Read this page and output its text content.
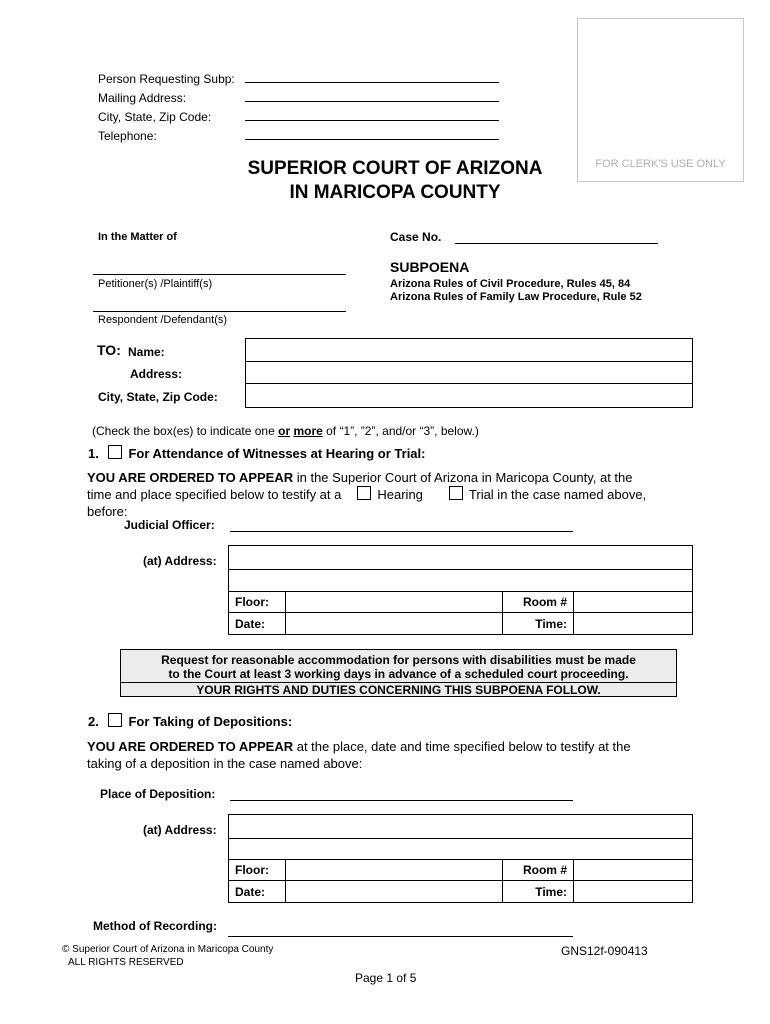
Person Requesting Subp:
Mailing Address:
City, State, Zip Code:
Telephone:
FOR CLERK'S USE ONLY
SUPERIOR COURT OF ARIZONA
IN MARICOPA COUNTY
In the Matter of	Case No.
Petitioner(s) /Plaintiff(s)
Respondent /Defendant(s)
SUBPOENA
Arizona Rules of Civil Procedure, Rules 45, 84
Arizona Rules of Family Law Procedure, Rule 52
TO: Name:
Address:
City, State, Zip Code:
(Check the box(es) to indicate one or more of “1”, ”2”, and/or “3”, below.)
1. For Attendance of Witnesses at Hearing or Trial:
YOU ARE ORDERED TO APPEAR in the Superior Court of Arizona in Maricopa County, at the
time and place specified below to testify at a	Hearing	Trial in the case named above,
before:
Judicial Officer:
(at) Address:
Floor:		Room #	
Date:		Time:	
Request for reasonable accommodation for persons with disabilities must be made
to the Court at least 3 working days in advance of a scheduled court proceeding.
YOUR RIGHTS AND DUTIES CONCERNING THIS SUBPOENA FOLLOW.
2. For Taking of Depositions:
YOU ARE ORDERED TO APPEAR at the place, date and time specified below to testify at the
taking of a deposition in the case named above:
Place of Deposition:
(at) Address:
Floor:		Room #	
Date:		Time:	
Method of Recording:
© Superior Court of Arizona in Maricopa County
ALL RIGHTS RESERVED
GNS12f-090413
Page 1 of 5
